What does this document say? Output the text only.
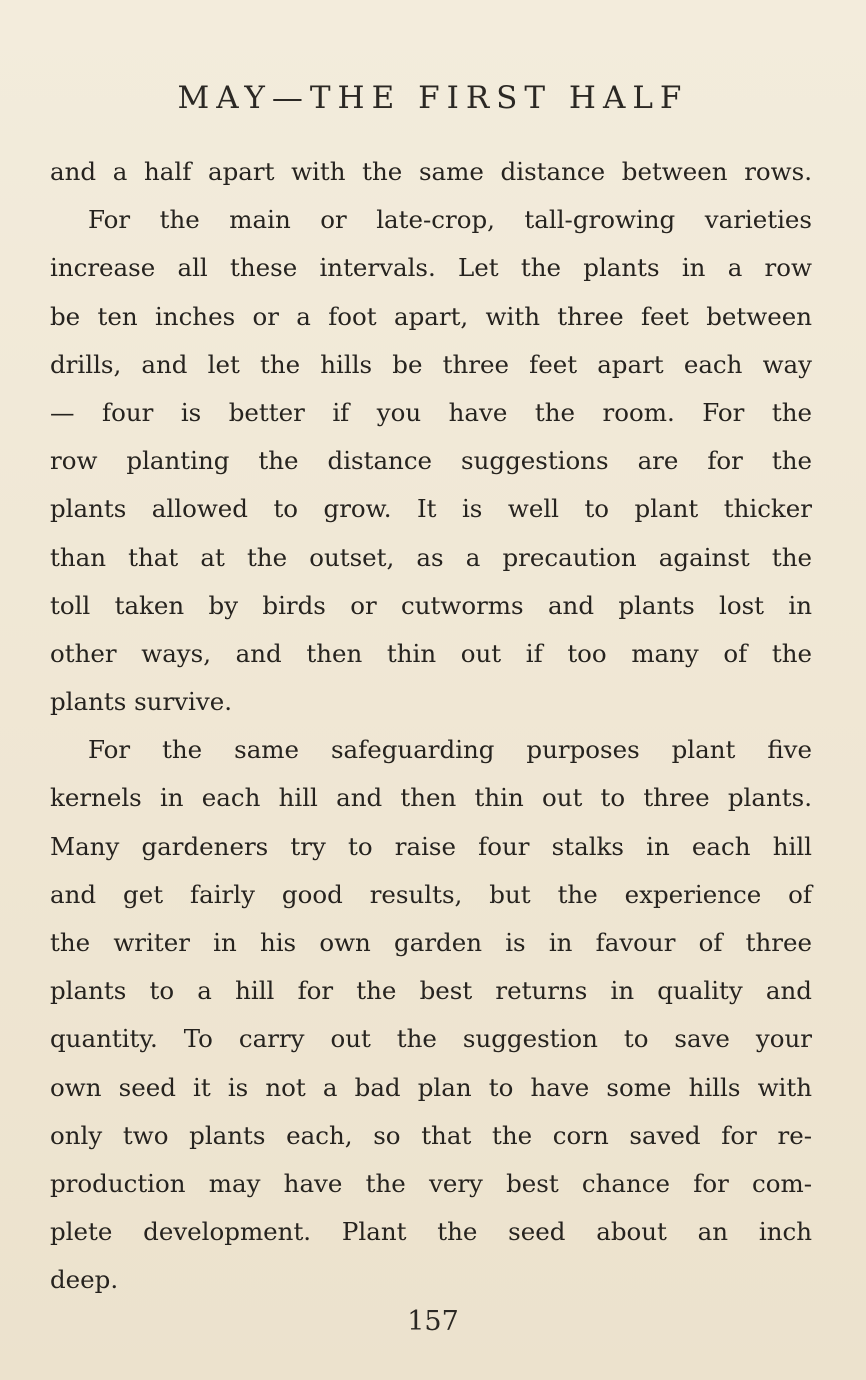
MAY—THE FIRST HALF
and a half apart with the same distance between rows.
For the main or late-crop, tall-growing varieties
increase all these intervals. Let the plants in a row
be ten inches or a foot apart, with three feet between
drills, and let the hills be three feet apart each way
— four is better if you have the room. For the
row planting the distance suggestions are for the
plants allowed to grow. It is well to plant thicker
than that at the outset, as a precaution against the
toll taken by birds or cutworms and plants lost in
other ways, and then thin out if too many of the
plants survive.
For the same safeguarding purposes plant five
kernels in each hill and then thin out to three plants.
Many gardeners try to raise four stalks in each hill
and get fairly good results, but the experience of
the writer in his own garden is in favour of three
plants to a hill for the best returns in quality and
quantity. To carry out the suggestion to save your
own seed it is not a bad plan to have some hills with
only two plants each, so that the corn saved for re-
production may have the very best chance for com-
plete development. Plant the seed about an inch
deep.
157
